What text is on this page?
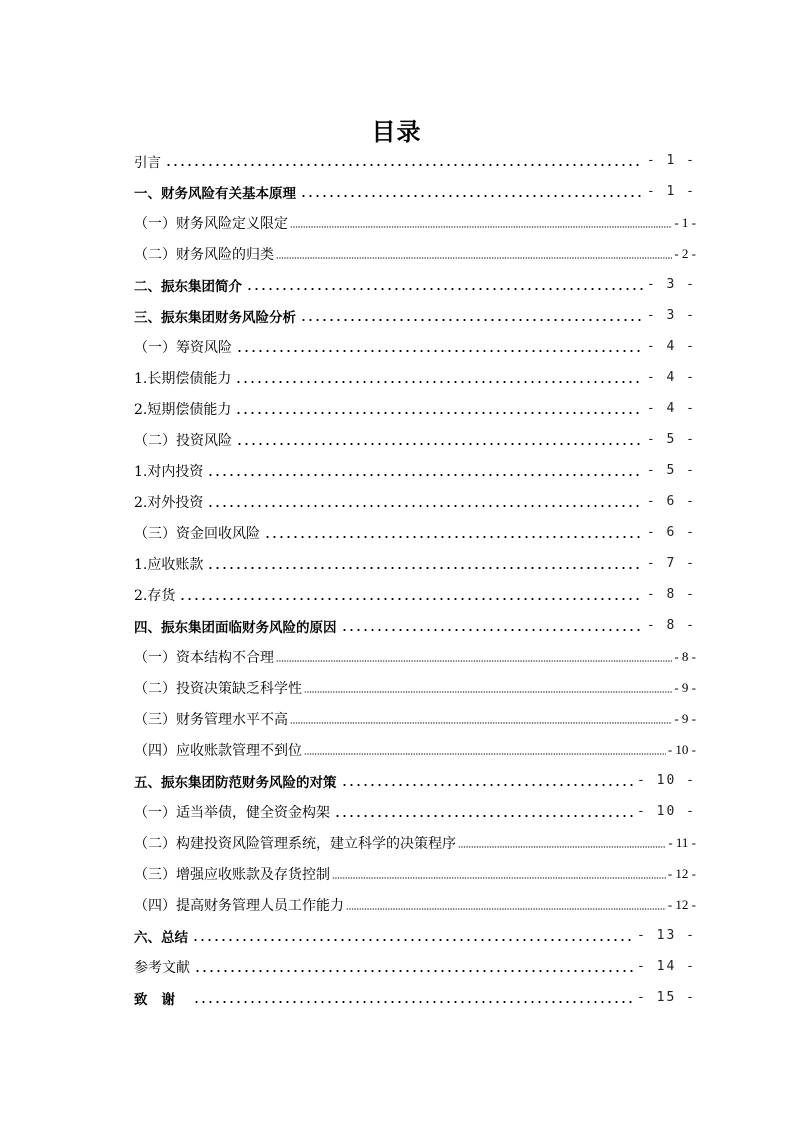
目录
引言	- 1 -
一、财务风险有关基本原理	- 1 -
（一）财务风险定义限定	- 1 -
（二）财务风险的归类	- 2 -
二、振东集团简介	- 3 -
三、振东集团财务风险分析	- 3 -
（一）筹资风险	- 4 -
1.长期偿债能力	- 4 -
2.短期偿债能力	- 4 -
（二）投资风险	- 5 -
1.对内投资	- 5 -
2.对外投资	- 6 -
（三）资金回收风险	- 6 -
1.应收账款	- 7 -
2.存货	- 8 -
四、振东集团面临财务风险的原因	- 8 -
（一）资本结构不合理	- 8 -
（二）投资决策缺乏科学性	- 9 -
（三）财务管理水平不高	- 9 -
（四）应收账款管理不到位	- 10 -
五、振东集团防范财务风险的对策	- 10 -
（一）适当举债，健全资金构架	- 10 -
（二）构建投资风险管理系统，建立科学的决策程序	- 11 -
（三）增强应收账款及存货控制	- 12 -
（四）提高财务管理人员工作能力	- 12 -
六、总结	- 13 -
参考文献	- 14 -
致谢	- 15 -
